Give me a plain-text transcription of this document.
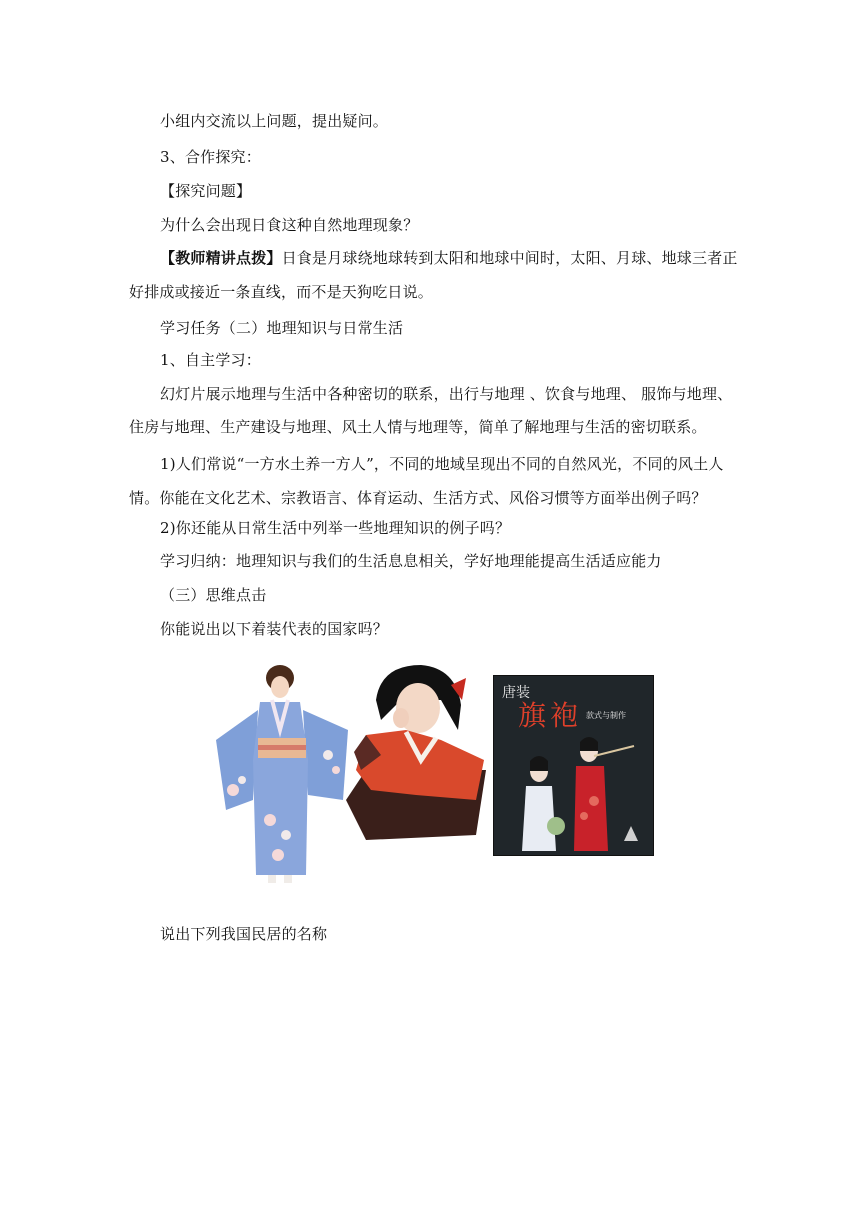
小组内交流以上问题，提出疑问。

3、合作探究：

【探究问题】

为什么会出现日食这种自然地理现象？

【教师精讲点拨】日食是月球绕地球转到太阳和地球中间时，太阳、月球、地球三者正好排成或接近一条直线，而不是天狗吃日说。

学习任务（二）地理知识与日常生活

1、自主学习：

幻灯片展示地理与生活中各种密切的联系，出行与地理 、饮食与地理、 服饰与地理、住房与地理、生产建设与地理、风土人情与地理等，简单了解地理与生活的密切联系。

1)人们常说“一方水土养一方人”，不同的地域呈现出不同的自然风光，不同的风土人情。你能在文化艺术、宗教语言、体育运动、生活方式、风俗习惯等方面举出例子吗？

2)你还能从日常生活中列举一些地理知识的例子吗？

学习归纳：地理知识与我们的生活息息相关，学好地理能提高生活适应能力

（三）思维点击

你能说出以下着装代表的国家吗？

唐装
旗袍 款式与制作

说出下列我国民居的名称
